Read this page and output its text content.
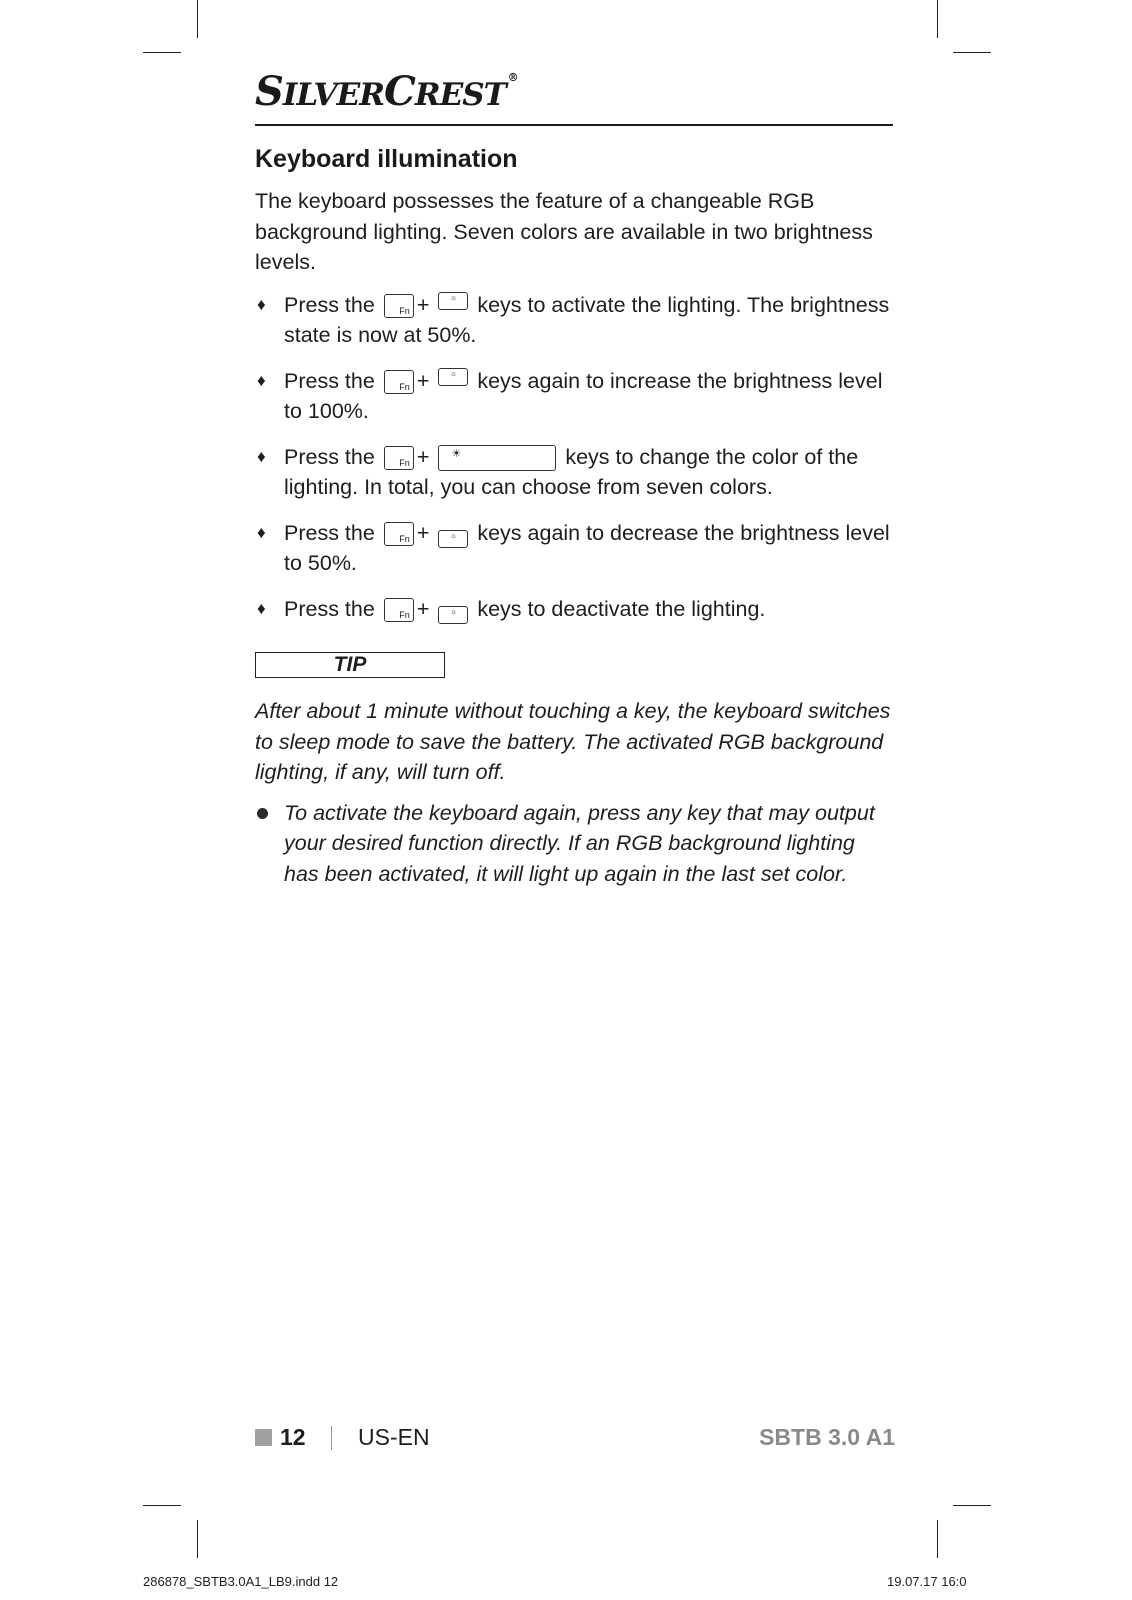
SILVERCREST ®
Keyboard illumination

The keyboard possesses the feature of a changeable RGB background lighting. Seven colors are available in two brightness levels.

♦ Press the	Fn +	☼ keys to activate the lighting. The brightness state is now at 50%.
♦ Press the	Fn +	☼ keys again to increase the brightness level to 100%.
♦ Press the	Fn + ☀	keys to change the color of the lighting. In total, you can choose from seven colors.
♦ Press the	Fn +	☼ keys again to decrease the brightness level to 50%.
♦ Press the	Fn +	☼ keys to deactivate the lighting.
TIP

After about 1 minute without touching a key, the keyboard switches to sleep mode to save the battery. The activated RGB background lighting, if any, will turn off.

To activate the keyboard again, press any key that may output your desired function directly. If an RGB background lighting has been activated, it will light up again in the last set color.
12 US-EN	SBTB 3.0 A1
286878_SBTB3.0A1_LB9.indd 12	19.07.17 16:0
